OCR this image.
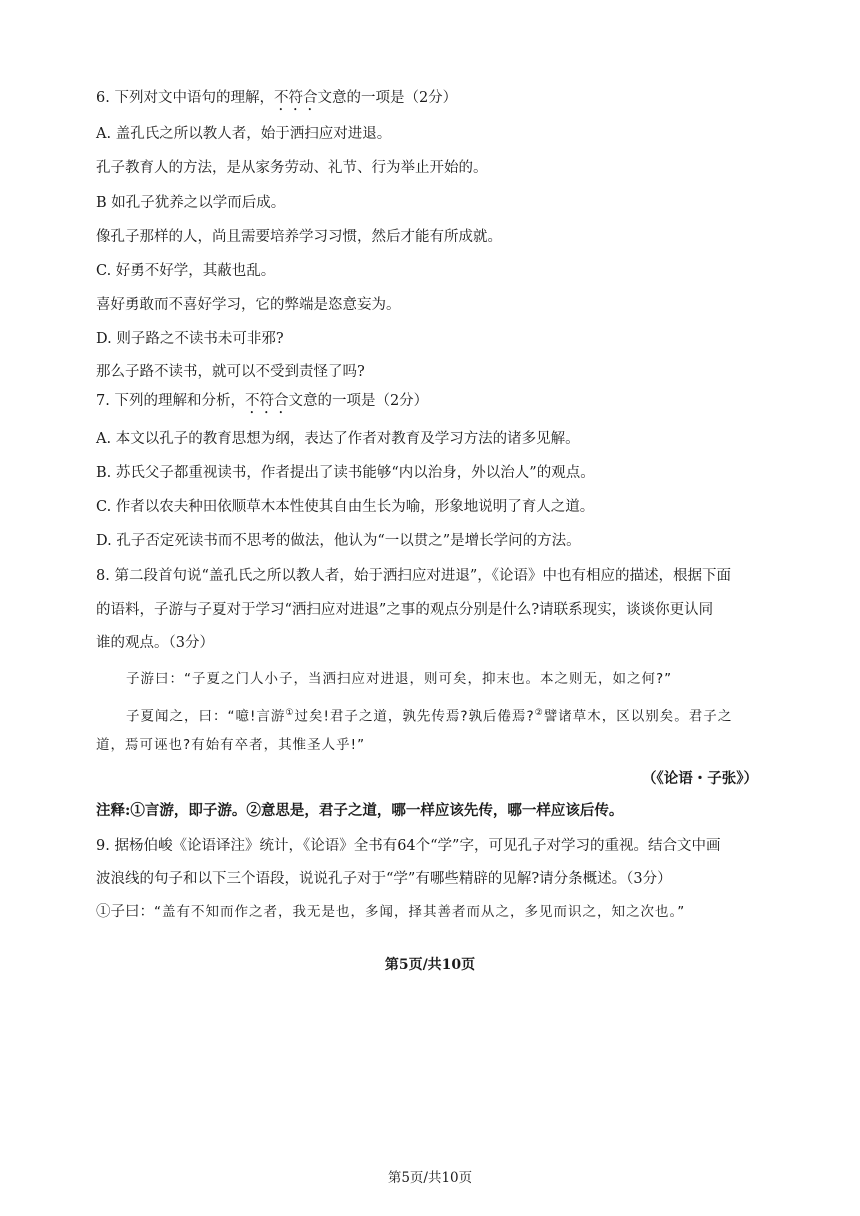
6. 下列对文中语句的理解，不符合文意的一项是（2分）
A. 盖孔氏之所以教人者，始于洒扫应对进退。
孔子教育人的方法，是从家务劳动、礼节、行为举止开始的。
B 如孔子犹养之以学而后成。
像孔子那样的人，尚且需要培养学习习惯，然后才能有所成就。
C. 好勇不好学，其蔽也乱。
喜好勇敢而不喜好学习，它的弊端是恣意妄为。
D. 则子路之不读书未可非邪?
那么子路不读书，就可以不受到责怪了吗?
7. 下列的理解和分析，不符合文意的一项是（2分）
A. 本文以孔子的教育思想为纲，表达了作者对教育及学习方法的诸多见解。
B. 苏氏父子都重视读书，作者提出了读书能够“内以治身，外以治人”的观点。
C. 作者以农夫种田依顺草木本性使其自由生长为喻，形象地说明了育人之道。
D. 孔子否定死读书而不思考的做法，他认为“一以贯之”是增长学问的方法。
8. 第二段首句说“盖孔氏之所以教人者，始于洒扫应对进退”，《论语》中也有相应的描述，根据下面
的语料，子游与子夏对于学习“洒扫应对进退”之事的观点分别是什么?请联系现实，谈谈你更认同
谁的观点。（3分）
子游曰：“子夏之门人小子，当洒扫应对进退，则可矣，抑末也。本之则无，如之何?”
子夏闻之，曰：“噫!言游①过矣!君子之道，孰先传焉?孰后倦焉?②譬诸草木，区以别矣。君子之
道，焉可诬也?有始有卒者，其惟圣人乎!”
（《论语・子张》）
注释:①言游，即子游。②意思是，君子之道，哪一样应该先传，哪一样应该后传。
9. 据杨伯峻《论语译注》统计，《论语》全书有64个“学”字，可见孔子对学习的重视。结合文中画
波浪线的句子和以下三个语段，说说孔子对于“学”有哪些精辟的见解?请分条概述。（3分）
①子曰：“盖有不知而作之者，我无是也，多闻，择其善者而从之，多见而识之，知之次也。”
第5页/共10页
第5页/共10页
